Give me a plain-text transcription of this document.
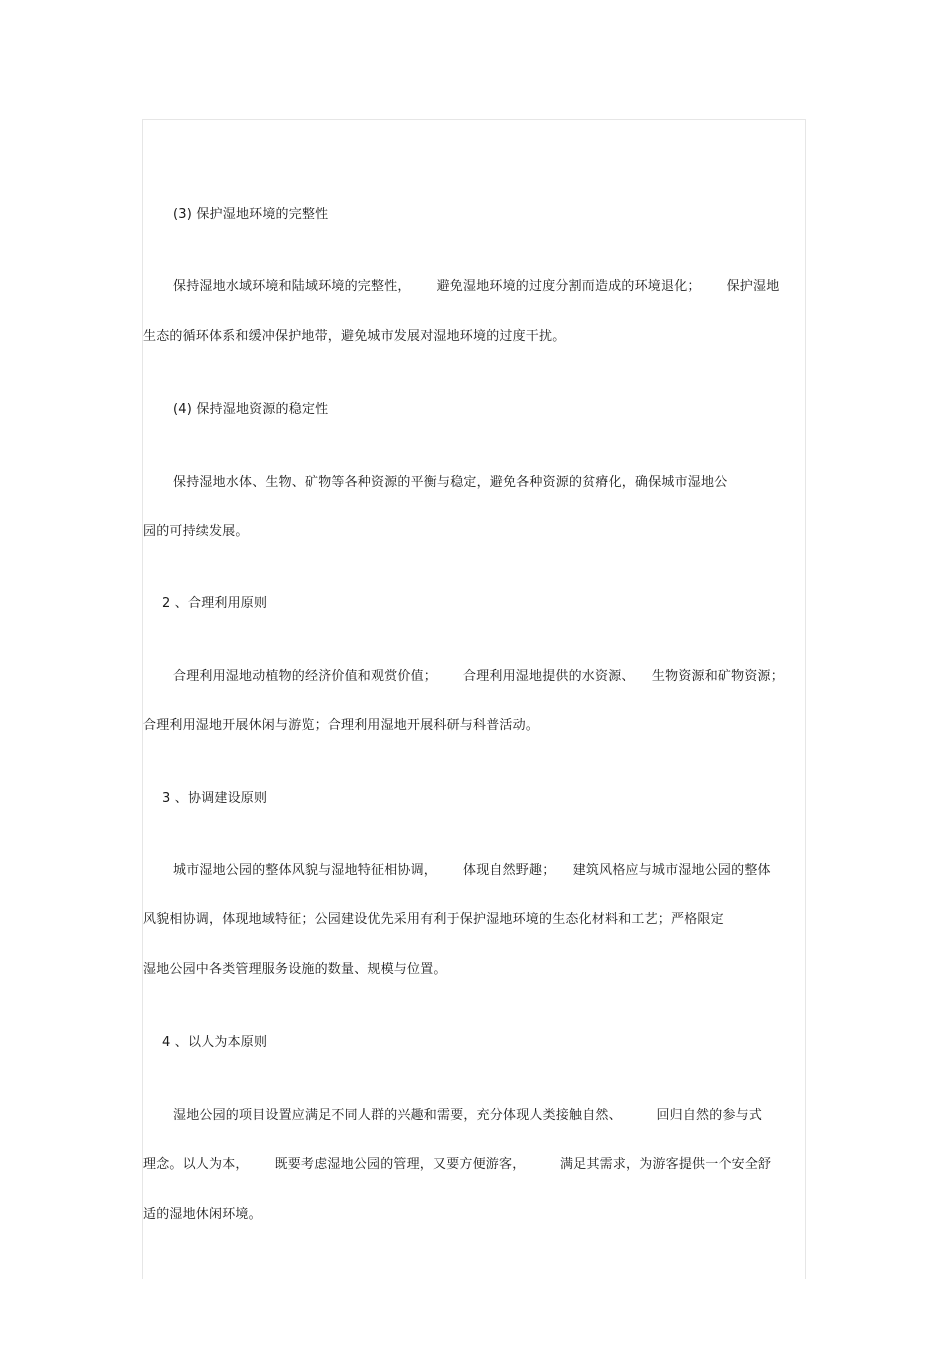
(3) 保护湿地环境的完整性
保持湿地水域环境和陆域环境的完整性，      避免湿地环境的过度分割而造成的环境退化；      保护湿地
生态的循环体系和缓冲保护地带，避免城市发展对湿地环境的过度干扰。
(4) 保持湿地资源的稳定性
保持湿地水体、生物、矿物等各种资源的平衡与稳定，避免各种资源的贫瘠化，确保城市湿地公
园的可持续发展。
2 、合理利用原则
合理利用湿地动植物的经济价值和观赏价值；      合理利用湿地提供的水资源、    生物资源和矿物资源；
合理利用湿地开展休闲与游览；合理利用湿地开展科研与科普活动。
3 、协调建设原则
城市湿地公园的整体风貌与湿地特征相协调，      体现自然野趣；    建筑风格应与城市湿地公园的整体
风貌相协调，体现地域特征；公园建设优先采用有利于保护湿地环境的生态化材料和工艺；严格限定
湿地公园中各类管理服务设施的数量、规模与位置。
4 、以人为本原则
湿地公园的项目设置应满足不同人群的兴趣和需要，充分体现人类接触自然、        回归自然的参与式
理念。以人为本，      既要考虑湿地公园的管理，又要方便游客，        满足其需求，为游客提供一个安全舒
适的湿地休闲环境。
